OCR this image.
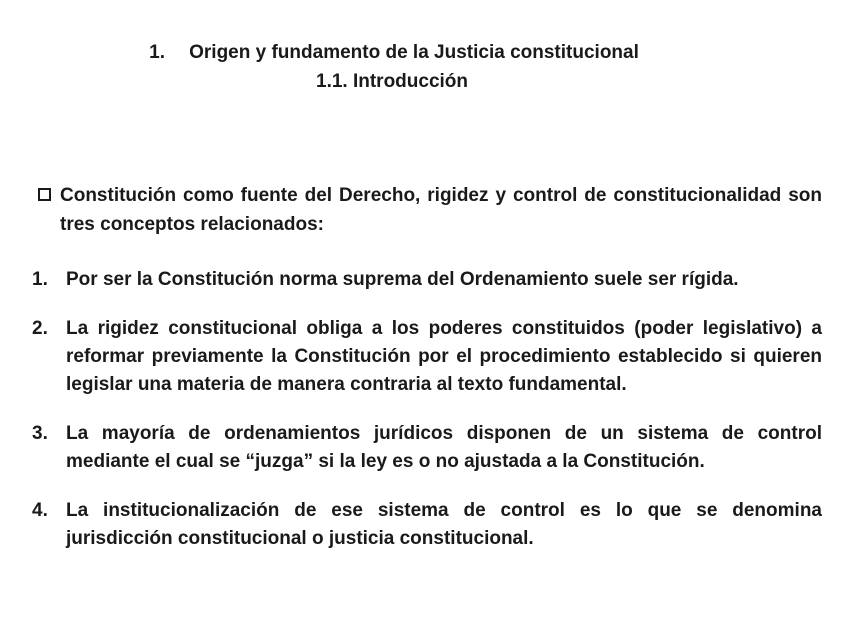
1. Origen y fundamento de la Justicia constitucional
1.1. Introducción
Constitución como fuente del Derecho, rigidez y control de constitucionalidad son tres conceptos relacionados:
1. Por ser la Constitución norma suprema del Ordenamiento suele ser rígida.
2. La rigidez constitucional obliga a los poderes constituidos (poder legislativo) a reformar previamente la Constitución por el procedimiento establecido si quieren legislar una materia de manera contraria al texto fundamental.
3. La mayoría de ordenamientos jurídicos disponen de un sistema de control mediante el cual se “juzga” si la ley es o no ajustada a la Constitución.
4. La institucionalización de ese sistema de control es lo que se denomina jurisdicción constitucional o justicia constitucional.
